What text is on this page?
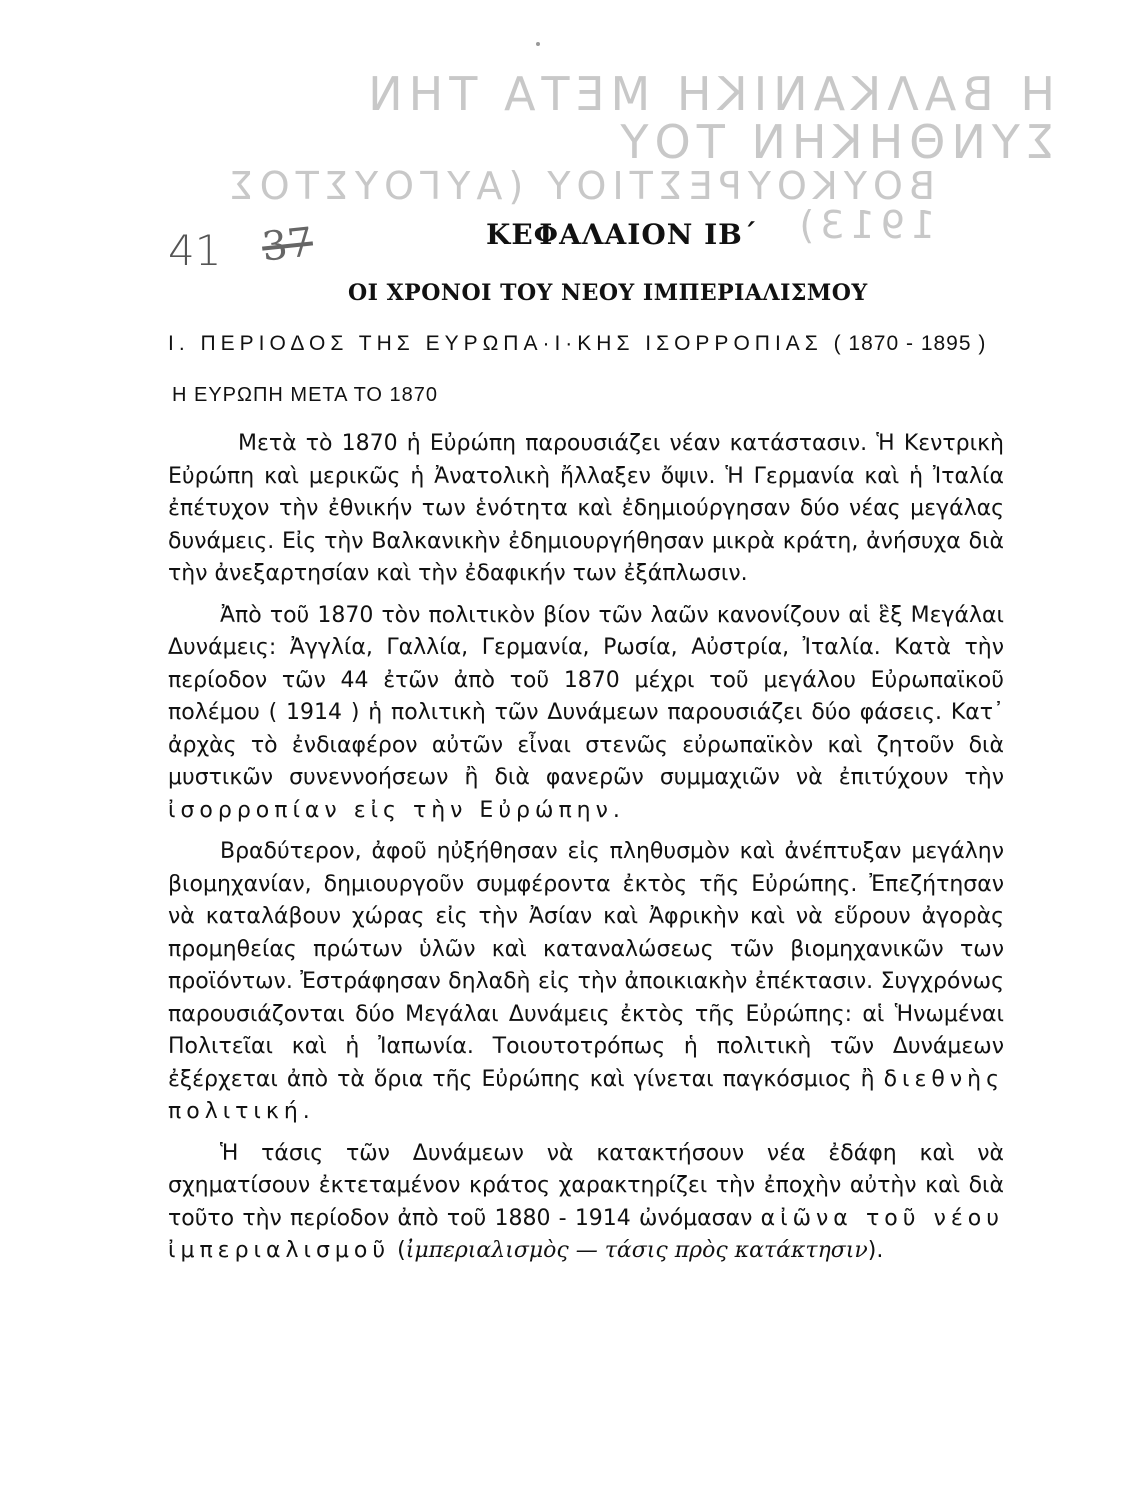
Η ΒΑΛΚΑΝΙΚΗ ΜΕΤΑ ΤΗΝ ΣΥΝΘΗΚΗΝ ΤΟΥ
ΒΟΥΚΟΥΡΕΣΤΙΟΥ (ΑΥΓΟΥΣΤΟΣ 1913)
41 37	ΚΕΦΑΛΑΙΟΝ ΙΒ΄
ΟΙ ΧΡΟΝΟΙ ΤΟΥ ΝΕΟΥ ΙΜΠΕΡΙΑΛΙΣΜΟΥ
Ι. ΠΕΡΙΟΔΟΣ ΤΗΣ ΕΥΡΩΠΑ·Ι·ΚΗΣ ΙΣΟΡΡΟΠΙΑΣ ( 1870 - 1895 )
Η ΕΥΡΩΠΗ ΜΕΤΑ ΤΟ 1870

Μετὰ τὸ 1870 ἡ Εὐρώπη παρουσιάζει νέαν κατάστασιν. Ἡ Κεντρικὴ Εὐρώπη καὶ μερικῶς ἡ Ἀνατολικὴ ἤλλαξεν ὄψιν. Ἡ Γερμανία καὶ ἡ Ἰταλία ἐπέτυχον τὴν ἐθνικήν των ἑνότητα καὶ ἐδημιούργησαν δύο νέας μεγάλας δυνάμεις. Εἰς τὴν Βαλκανικὴν ἐδημιουργήθησαν μικρὰ κράτη, ἀνήσυχα διὰ τὴν ἀνεξαρτησίαν καὶ τὴν ἐδαφικήν των ἐξάπλωσιν.

Ἀπὸ τοῦ 1870 τὸν πολιτικὸν βίον τῶν λαῶν κανονίζουν αἱ ἓξ Μεγάλαι Δυνάμεις: Ἀγγλία, Γαλλία, Γερμανία, Ρωσία, Αὐστρία, Ἰταλία. Κατὰ τὴν περίοδον τῶν 44 ἐτῶν ἀπὸ τοῦ 1870 μέχρι τοῦ μεγάλου Εὐρωπαϊκοῦ πολέμου ( 1914 ) ἡ πολιτικὴ τῶν Δυνάμεων παρουσιάζει δύο φάσεις. Κατ᾽ ἀρχὰς τὸ ἐνδιαφέρον αὐτῶν εἶναι στενῶς εὐρωπαϊκὸν καὶ ζητοῦν διὰ μυστικῶν συνεννοήσεων ἢ διὰ φανερῶν συμμαχιῶν νὰ ἐπιτύχουν τὴν ἰσορροπίαν εἰς τὴν Εὐρώπην.

Βραδύτερον, ἀφοῦ ηὐξήθησαν εἰς πληθυσμὸν καὶ ἀνέπτυξαν μεγάλην βιομηχανίαν, δημιουργοῦν συμφέροντα ἐκτὸς τῆς Εὐρώπης. Ἐπεζήτησαν νὰ καταλάβουν χώρας εἰς τὴν Ἀσίαν καὶ Ἀφρικὴν καὶ νὰ εὕρουν ἀγορὰς προμηθείας πρώτων ὑλῶν καὶ καταναλώσεως τῶν βιομηχανικῶν των προϊόντων. Ἐστράφησαν δηλαδὴ εἰς τὴν ἀποικιακὴν ἐπέκτασιν. Συγχρόνως παρουσιάζονται δύο Μεγάλαι Δυνάμεις ἐκτὸς τῆς Εὐρώπης: αἱ Ἡνωμέναι Πολιτεῖαι καὶ ἡ Ἰαπωνία. Τοιουτοτρόπως ἡ πολιτικὴ τῶν Δυνάμεων ἐξέρχεται ἀπὸ τὰ ὅρια τῆς Εὐρώπης καὶ γίνεται παγκόσμιος ἢ διεθνὴς πολιτική.

Ἡ τάσις τῶν Δυνάμεων νὰ κατακτήσουν νέα ἐδάφη καὶ νὰ σχηματίσουν ἐκτεταμένον κράτος χαρακτηρίζει τὴν ἐποχὴν αὐτὴν καὶ διὰ τοῦτο τὴν περίοδον ἀπὸ τοῦ 1880 - 1914 ὠνόμασαν αἰῶνα τοῦ νέου ἰμπεριαλισμοῦ (ἰμπεριαλισμὸς — τάσις πρὸς κατάκτησιν).
